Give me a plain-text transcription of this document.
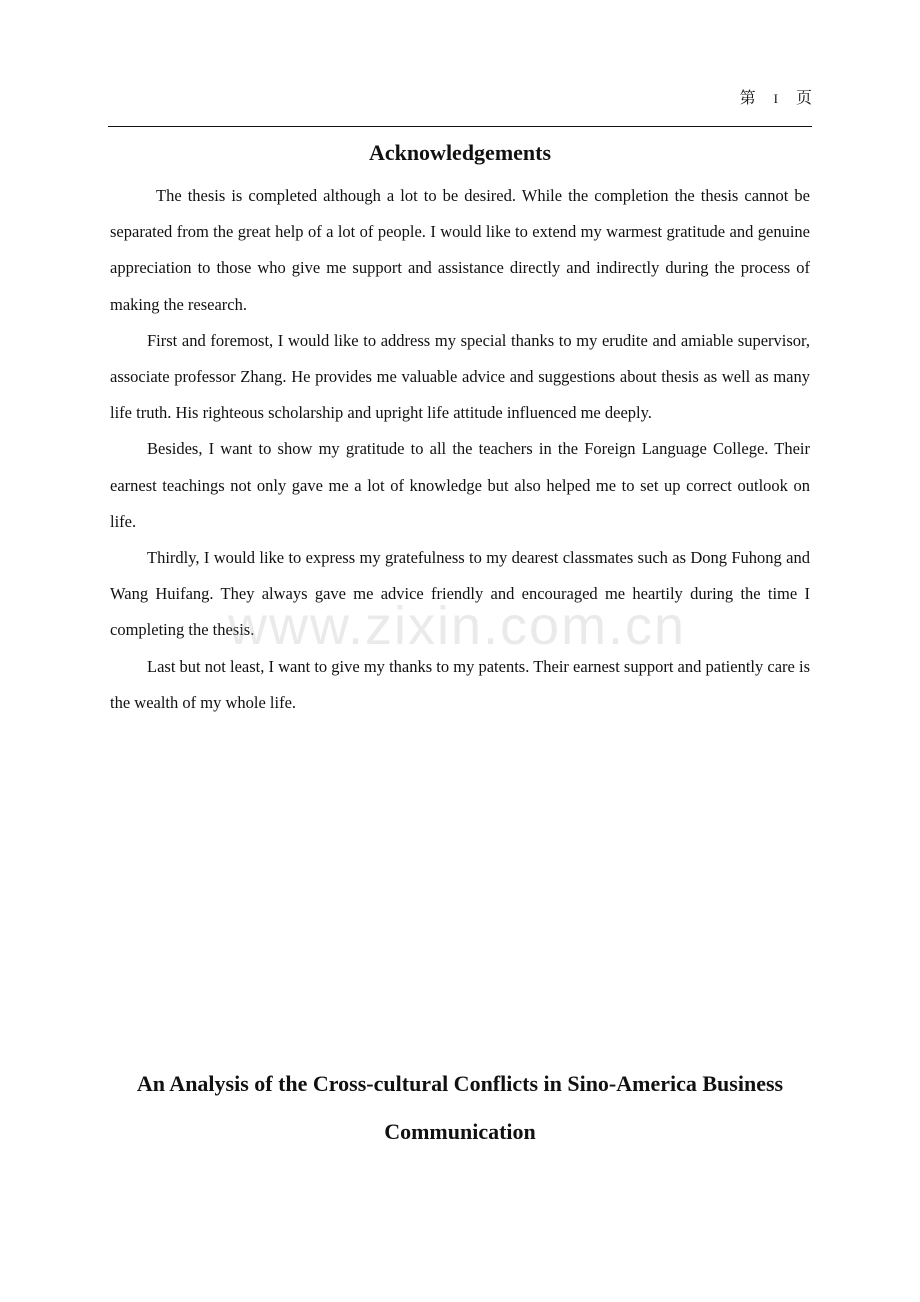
第 I 页
Acknowledgements

The thesis is completed although a lot to be desired. While the completion the thesis cannot be separated from the great help of a lot of people. I would like to extend my warmest gratitude and genuine appreciation to those who give me support and assistance directly and indirectly during the process of making the research.

First and foremost, I would like to address my special thanks to my erudite and amiable supervisor, associate professor Zhang. He provides me valuable advice and suggestions about thesis as well as many life truth. His righteous scholarship and upright life attitude influenced me deeply.

Besides, I want to show my gratitude to all the teachers in the Foreign Language College. Their earnest teachings not only gave me a lot of knowledge but also helped me to set up correct outlook on life.

Thirdly, I would like to express my gratefulness to my dearest classmates such as Dong Fuhong and Wang Huifang. They always gave me advice friendly and encouraged me heartily during the time I completing the thesis.

Last but not least, I want to give my thanks to my patents. Their earnest support and patiently care is the wealth of my whole life.

www.zixin.com.cn
An Analysis of the Cross-cultural Conflicts in Sino-America Business Communication
